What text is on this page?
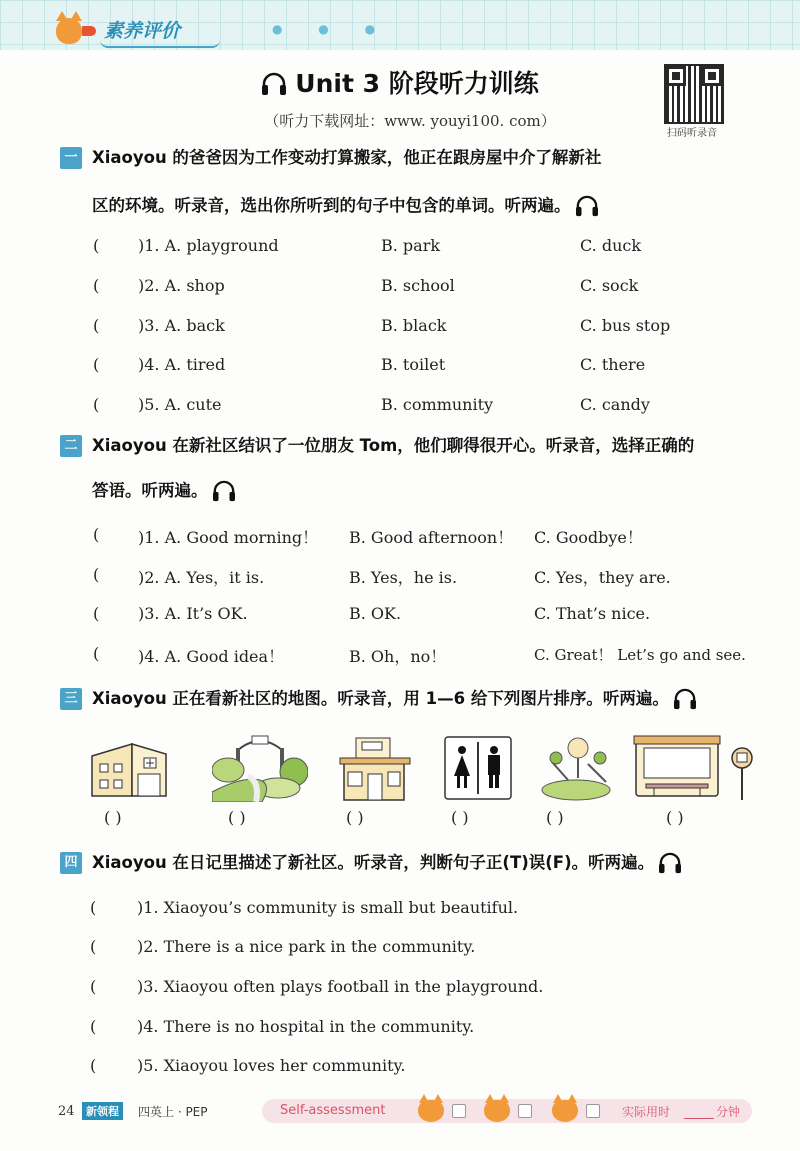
素养评价	● ● ●
Unit 3 阶段听力训练
（听力下载网址：www. youyi100. com）
扫码听录音
一 Xiaoyou 的爸爸因为工作变动打算搬家，他正在跟房屋中介了解新社
区的环境。听录音，选出你所听到的句子中包含的单词。听两遍。
( )1. A. playground	B. park	C. duck
( )2. A. shop	B. school	C. sock
( )3. A. back	B. black	C. bus stop
( )4. A. tired	B. toilet	C. there
( )5. A. cute	B. community	C. candy
二 Xiaoyou 在新社区结识了一位朋友 Tom，他们聊得很开心。听录音，选择正确的
答语。听两遍。
( )1. A. Good morning！ B. Good afternoon！ C. Goodbye！
( )2. A. Yes，it is.	B. Yes，he is.	C. Yes，they are.
( )3. A. It’s OK.	B. OK.	C. That’s nice.
( )4. A. Good idea！	B. Oh，no！	C. Great！ Let’s go and see.
三 Xiaoyou 正在看新社区的地图。听录音，用 1—6 给下列图片排序。听两遍。
( )	( )	( )	( )	( )	( )
四 Xiaoyou 在日记里描述了新社区。听录音，判断句子正(T)误(F)。听两遍。
(	)1. Xiaoyou’s community is small but beautiful.
(	)2. There is a nice park in the community.
(	)3. Xiaoyou often plays football in the playground.
(	)4. There is no hospital in the community.
(	)5. Xiaoyou loves her community.
24	新领程	四英上 · PEP	Self-assessment	实际用时	分钟
